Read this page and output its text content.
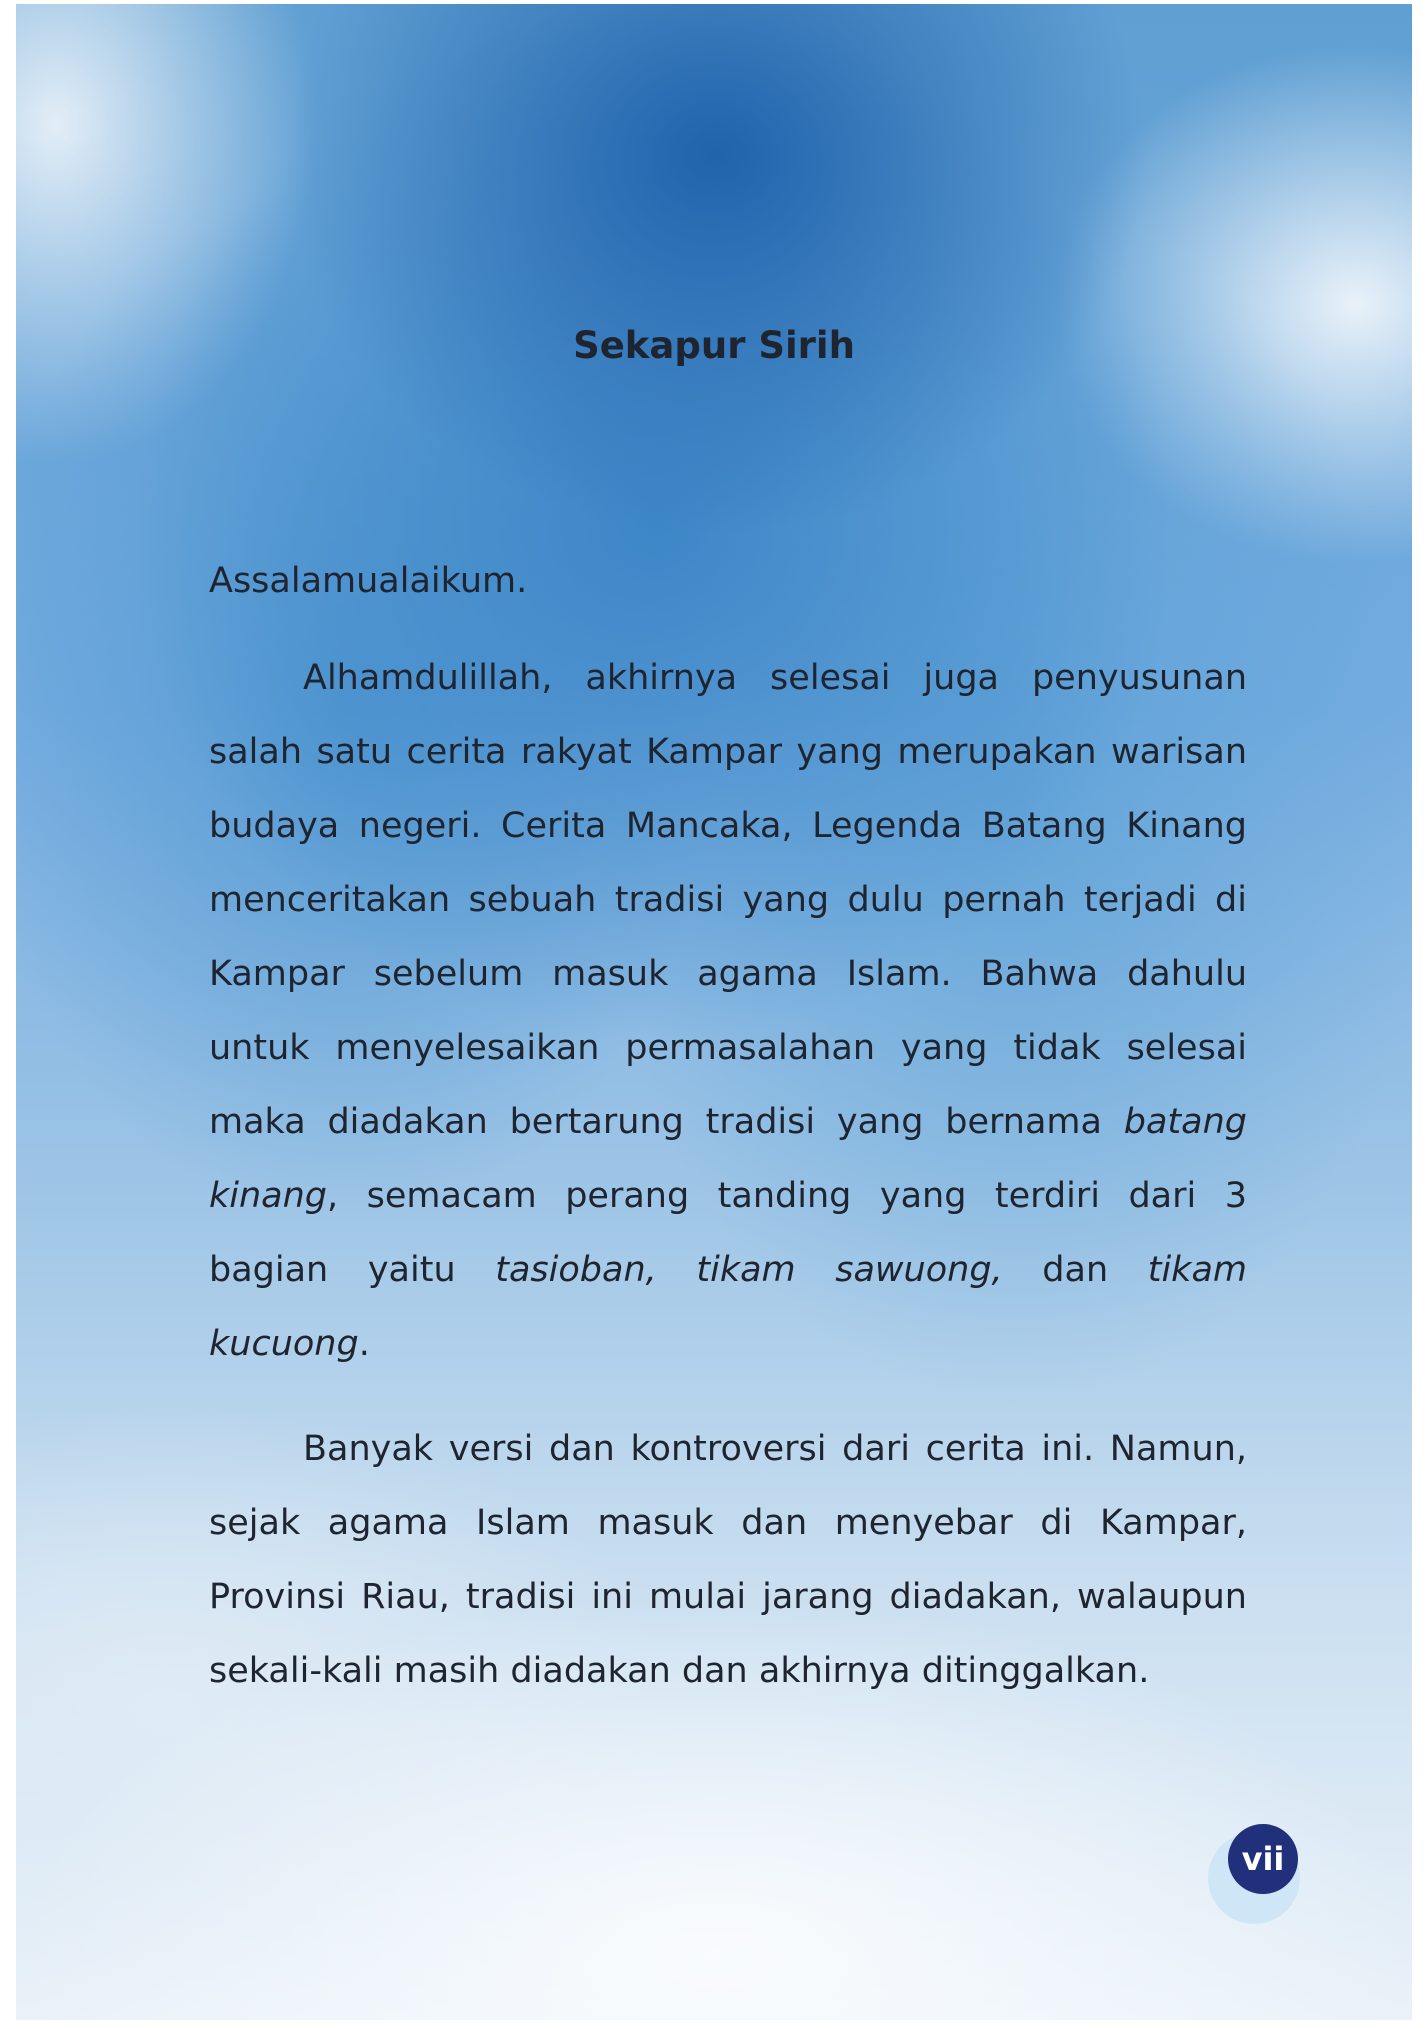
Sekapur Sirih

Assalamualaikum.

Alhamdulillah, akhirnya selesai juga penyusunan salah satu cerita rakyat Kampar yang merupakan warisan budaya negeri. Cerita Mancaka, Legenda Batang Kinang menceritakan sebuah tradisi yang dulu pernah terjadi di Kampar sebelum masuk agama Islam. Bahwa dahulu untuk menyelesaikan permasalahan yang tidak selesai maka diadakan bertarung tradisi yang bernama batang kinang, semacam perang tanding yang terdiri dari 3 bagian yaitu tasioban, tikam sawuong, dan tikam kucuong.

Banyak versi dan kontroversi dari cerita ini. Namun, sejak agama Islam masuk dan menyebar di Kampar, Provinsi Riau, tradisi ini mulai jarang diadakan, walaupun sekali-kali masih diadakan dan akhirnya ditinggalkan.

vii
